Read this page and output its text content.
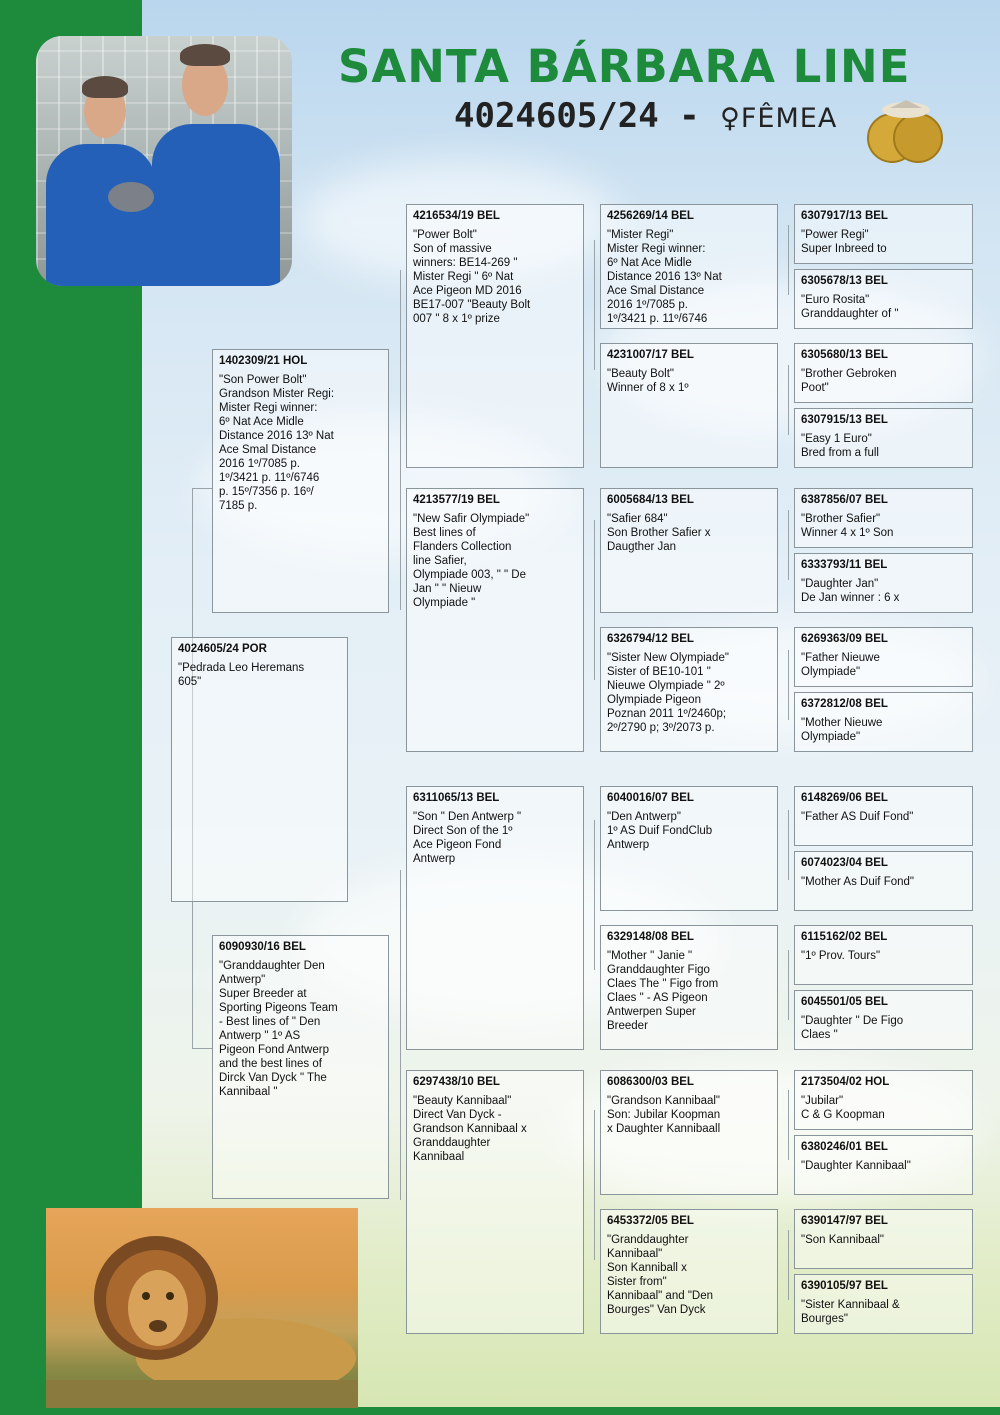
SANTA BÁRBARA LINE
4024605/24 - ♀FÊMEA
4024605/24 POR
"Pedrada Leo Heremans
605"
1402309/21 HOL
"Son Power Bolt"
Grandson Mister Regi:
Mister Regi winner:
6º Nat Ace Midle
Distance 2016 13º Nat
Ace Smal Distance
2016 1º/7085 p.
1º/3421 p. 11º/6746
p. 15º/7356 p. 16º/
7185 p.
6090930/16 BEL
"Granddaughter Den
Antwerp"
Super Breeder at
Sporting Pigeons Team
- Best lines of " Den
Antwerp " 1º AS
Pigeon Fond Antwerp
and the best lines of
Dirck Van Dyck " The
Kannibaal "
4216534/19 BEL
"Power Bolt"
Son of massive
winners: BE14-269 "
Mister Regi " 6º Nat
Ace Pigeon MD 2016
BE17-007 "Beauty Bolt
007 " 8 x 1º prize
4213577/19 BEL
"New Safir Olympiade"
Best lines of
Flanders Collection
line Safier,
Olympiade 003, " " De
Jan " " Nieuw
Olympiade "
6311065/13 BEL
"Son " Den Antwerp "
Direct Son of the 1º
Ace Pigeon Fond
Antwerp
6297438/10 BEL
"Beauty Kannibaal"
Direct Van Dyck -
Grandson Kannibaal x
Granddaughter
Kannibaal
4256269/14 BEL
"Mister Regi"
Mister Regi winner:
6º Nat Ace Midle
Distance 2016 13º Nat
Ace Smal Distance
2016 1º/7085 p.
1º/3421 p. 11º/6746
4231007/17 BEL
"Beauty Bolt"
Winner of 8 x 1º
6005684/13 BEL
"Safier 684"
Son Brother Safier x
Daugther Jan
6326794/12 BEL
"Sister New Olympiade"
Sister of BE10-101 "
Nieuwe Olympiade " 2º
Olympiade Pigeon
Poznan 2011 1º/2460p;
2º/2790 p; 3º/2073 p.
6040016/07 BEL
"Den Antwerp"
1º AS Duif FondClub
Antwerp
6329148/08 BEL
"Mother " Janie "
Granddaughter Figo
Claes The " Figo from
Claes " - AS Pigeon
Antwerpen Super
Breeder
6086300/03 BEL
"Grandson Kannibaal"
Son: Jubilar Koopman
x Daughter Kannibaall
6453372/05 BEL
"Granddaughter
Kannibaal"
Son Kanniball x
Sister from"
Kannibaal" and "Den
Bourges" Van Dyck
6307917/13 BEL
"Power Regi"
Super Inbreed to
6305678/13 BEL
"Euro Rosita"
Granddaughter of "
6305680/13 BEL
"Brother Gebroken
Poot"
6307915/13 BEL
"Easy 1 Euro"
Bred from a full
6387856/07 BEL
"Brother Safier"
Winner 4 x 1º Son
6333793/11 BEL
"Daughter Jan"
De Jan winner : 6 x
6269363/09 BEL
"Father Nieuwe
Olympiade"
6372812/08 BEL
"Mother Nieuwe
Olympiade"
6148269/06 BEL
"Father AS Duif Fond"
6074023/04 BEL
"Mother As Duif Fond"
6115162/02 BEL
"1º Prov. Tours"
6045501/05 BEL
"Daughter " De Figo
Claes "
2173504/02 HOL
"Jubilar"
C & G Koopman
6380246/01 BEL
"Daughter Kannibaal"
6390147/97 BEL
"Son Kannibaal"
6390105/97 BEL
"Sister Kannibaal &
Bourges"
